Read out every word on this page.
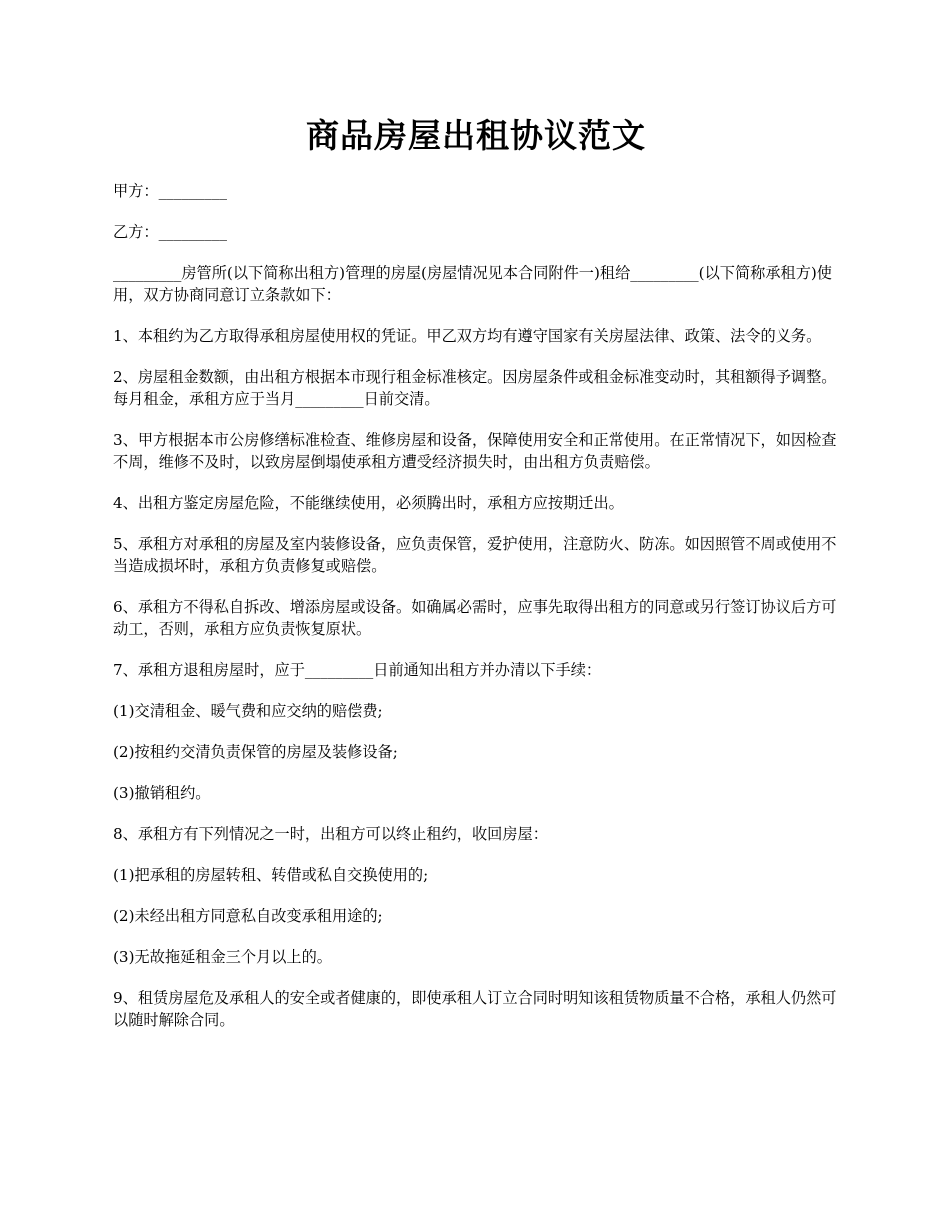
商品房屋出租协议范文

甲方：_________

乙方：_________

_________房管所(以下简称出租方)管理的房屋(房屋情况见本合同附件一)租给_________(以下简称承租方)使用，双方协商同意订立条款如下：

1、本租约为乙方取得承租房屋使用权的凭证。甲乙双方均有遵守国家有关房屋法律、政策、法令的义务。

2、房屋租金数额，由出租方根据本市现行租金标准核定。因房屋条件或租金标准变动时，其租额得予调整。每月租金，承租方应于当月_________日前交清。

3、甲方根据本市公房修缮标准检查、维修房屋和设备，保障使用安全和正常使用。在正常情况下，如因检查不周，维修不及时，以致房屋倒塌使承租方遭受经济损失时，由出租方负责赔偿。

4、出租方鉴定房屋危险，不能继续使用，必须腾出时，承租方应按期迁出。

5、承租方对承租的房屋及室内装修设备，应负责保管，爱护使用，注意防火、防冻。如因照管不周或使用不当造成损坏时，承租方负责修复或赔偿。

6、承租方不得私自拆改、增添房屋或设备。如确属必需时，应事先取得出租方的同意或另行签订协议后方可动工，否则，承租方应负责恢复原状。

7、承租方退租房屋时，应于_________日前通知出租方并办清以下手续：

(1)交清租金、暖气费和应交纳的赔偿费;

(2)按租约交清负责保管的房屋及装修设备;

(3)撤销租约。

8、承租方有下列情况之一时，出租方可以终止租约，收回房屋：

(1)把承租的房屋转租、转借或私自交换使用的;

(2)未经出租方同意私自改变承租用途的;

(3)无故拖延租金三个月以上的。

9、租赁房屋危及承租人的安全或者健康的，即使承租人订立合同时明知该租赁物质量不合格，承租人仍然可以随时解除合同。
